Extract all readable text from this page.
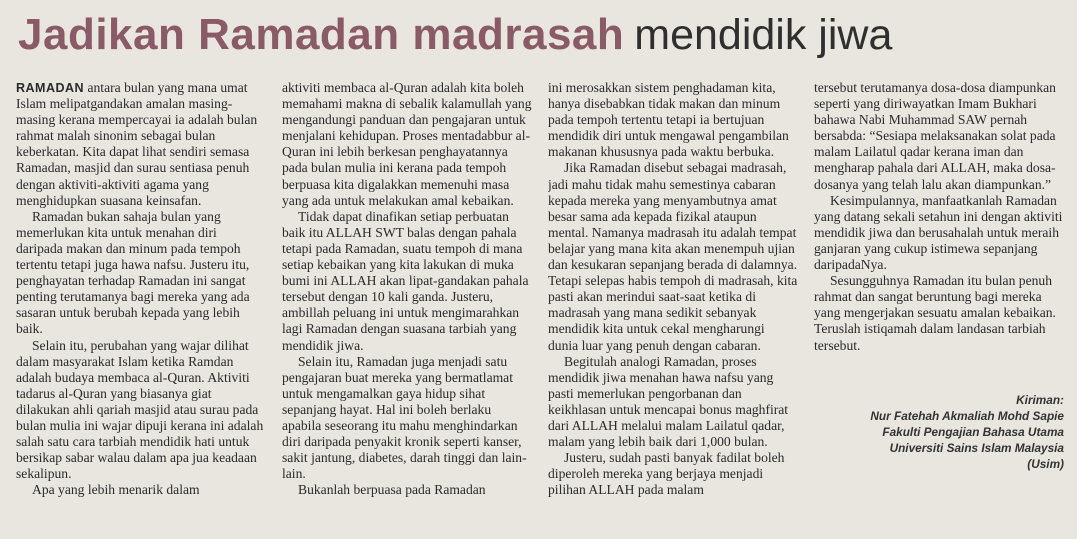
Jadikan Ramadan madrasah mendidik jiwa

RAMADAN antara bulan yang mana umat Islam melipatgandakan amalan masing-masing kerana mempercayai ia adalah bulan rahmat malah sinonim sebagai bulan keberkatan. Kita dapat lihat sendiri semasa Ramadan, masjid dan surau sentiasa penuh dengan aktiviti-aktiviti agama yang menghidupkan suasana keinsafan.

Ramadan bukan sahaja bulan yang memerlukan kita untuk menahan diri daripada makan dan minum pada tempoh tertentu tetapi juga hawa nafsu. Justeru itu, penghayatan terhadap Ramadan ini sangat penting terutamanya bagi mereka yang ada sasaran untuk berubah kepada yang lebih baik.

Selain itu, perubahan yang wajar dilihat dalam masyarakat Islam ketika Ramdan adalah budaya membaca al-Quran. Aktiviti tadarus al-Quran yang biasanya giat dilakukan ahli qariah masjid atau surau pada bulan mulia ini wajar dipuji kerana ini adalah salah satu cara tarbiah mendidik hati untuk bersikap sabar walau dalam apa jua keadaan sekalipun.

Apa yang lebih menarik dalam

aktiviti membaca al-Quran adalah kita boleh memahami makna di sebalik kalamullah yang mengandungi panduan dan pengajaran untuk menjalani kehidupan. Proses mentadabbur al-Quran ini lebih berkesan penghayatannya pada bulan mulia ini kerana pada tempoh berpuasa kita digalakkan memenuhi masa yang ada untuk melakukan amal kebaikan.

Tidak dapat dinafikan setiap perbuatan baik itu ALLAH SWT balas dengan pahala tetapi pada Ramadan, suatu tempoh di mana setiap kebaikan yang kita lakukan di muka bumi ini ALLAH akan lipat-gandakan pahala tersebut dengan 10 kali ganda. Justeru, ambillah peluang ini untuk mengimarahkan lagi Ramadan dengan suasana tarbiah yang mendidik jiwa.

Selain itu, Ramadan juga menjadi satu pengajaran buat mereka yang bermatlamat untuk mengamalkan gaya hidup sihat sepanjang hayat. Hal ini boleh berlaku apabila seseorang itu mahu menghindarkan diri daripada penyakit kronik seperti kanser, sakit jantung, diabetes, darah tinggi dan lain-lain.

Bukanlah berpuasa pada Ramadan

ini merosakkan sistem penghadaman kita, hanya disebabkan tidak makan dan minum pada tempoh tertentu tetapi ia bertujuan mendidik diri untuk mengawal pengambilan makanan khususnya pada waktu berbuka.

Jika Ramadan disebut sebagai madrasah, jadi mahu tidak mahu semestinya cabaran kepada mereka yang menyambutnya amat besar sama ada kepada fizikal ataupun mental. Namanya madrasah itu adalah tempat belajar yang mana kita akan menempuh ujian dan kesukaran sepanjang berada di dalamnya. Tetapi selepas habis tempoh di madrasah, kita pasti akan merindui saat-saat ketika di madrasah yang mana sedikit sebanyak mendidik kita untuk cekal mengharungi dunia luar yang penuh dengan cabaran.

Begitulah analogi Ramadan, proses mendidik jiwa menahan hawa nafsu yang pasti memerlukan pengorbanan dan keikhlasan untuk mencapai bonus maghfirat dari ALLAH melalui malam Lailatul qadar, malam yang lebih baik dari 1,000 bulan.

Justeru, sudah pasti banyak fadilat boleh diperoleh mereka yang berjaya menjadi pilihan ALLAH pada malam

tersebut terutamanya dosa-dosa diampunkan seperti yang diriwayatkan Imam Bukhari bahawa Nabi Muhammad SAW pernah bersabda: “Sesiapa melaksanakan solat pada malam Lailatul qadar kerana iman dan mengharap pahala dari ALLAH, maka dosa-dosanya yang telah lalu akan diampunkan.”

Kesimpulannya, manfaatkanlah Ramadan yang datang sekali setahun ini dengan aktiviti mendidik jiwa dan berusahalah untuk meraih ganjaran yang cukup istimewa sepanjang daripadaNya.

Sesungguhnya Ramadan itu bulan penuh rahmat dan sangat beruntung bagi mereka yang mengerjakan sesuatu amalan kebaikan. Teruslah istiqamah dalam landasan tarbiah tersebut.

Kiriman:
Nur Fatehah Akmaliah Mohd Sapie
Fakulti Pengajian Bahasa Utama
Universiti Sains Islam Malaysia
(Usim)
